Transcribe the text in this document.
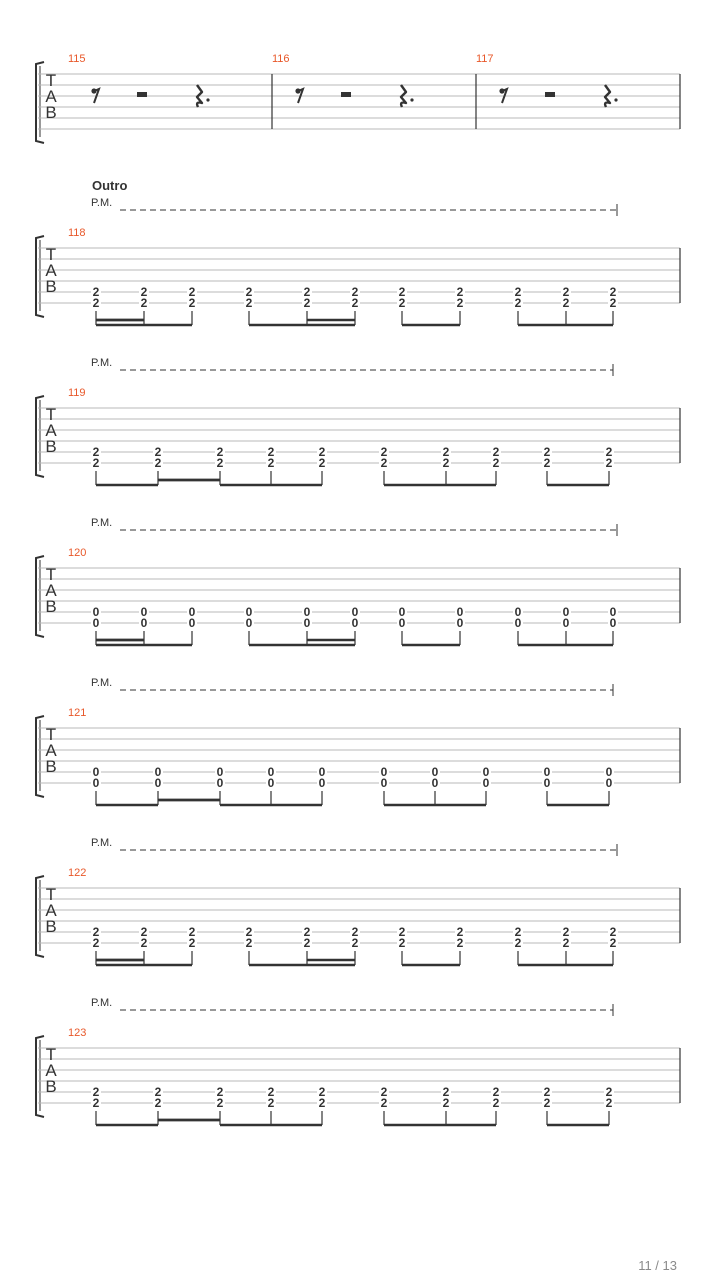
T
A
B
115	116	117
Outro
P.M.
T
A
B
118
2
2
2
2
2
2
2
2
2
2
2
2
2
2
2
2
2
2
2
2
2
2
P.M.
T
A
B
119
2
2
2
2
2
2
2
2
2
2
2
2
2
2
2
2
2
2
2
2
P.M.
T
A
B
120
0
0
0
0
0
0
0
0
0
0
0
0
0
0
0
0
0
0
0
0
0
0
P.M.
T
A
B
121
0
0
0
0
0
0
0
0
0
0
0
0
0
0
0
0
0
0
0
0
P.M.
T
A
B
122
2
2
2
2
2
2
2
2
2
2
2
2
2
2
2
2
2
2
2
2
2
2
P.M.
T
A
B
123
2
2
2
2
2
2
2
2
2
2
2
2
2
2
2
2
2
2
2
2
11 / 13
